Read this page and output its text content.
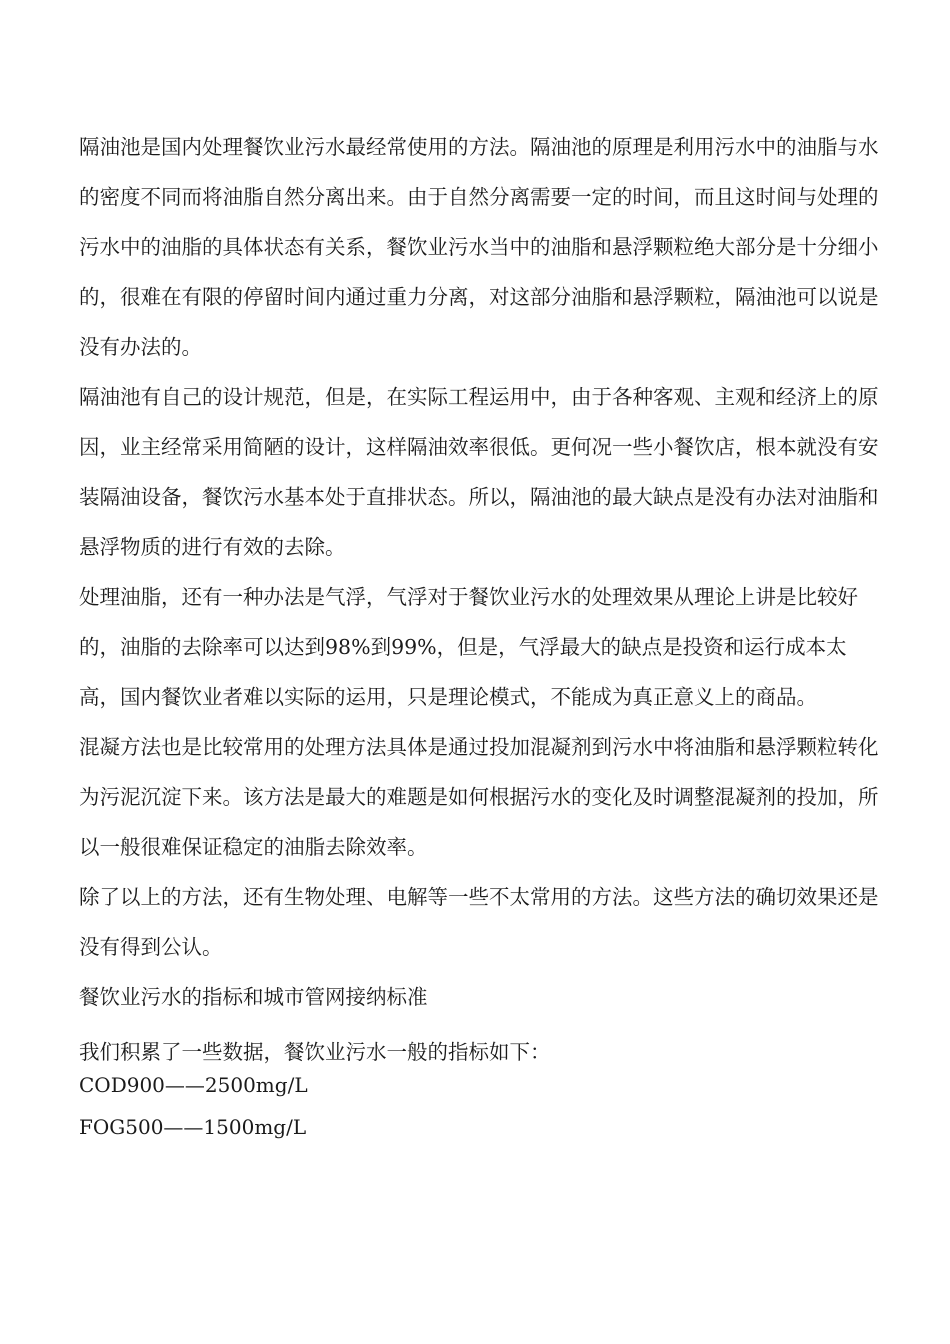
隔油池是国内处理餐饮业污水最经常使用的方法。隔油池的原理是利用污水中的油脂与水的密度不同而将油脂自然分离出来。由于自然分离需要一定的时间，而且这时间与处理的污水中的油脂的具体状态有关系，餐饮业污水当中的油脂和悬浮颗粒绝大部分是十分细小的，很难在有限的停留时间内通过重力分离，对这部分油脂和悬浮颗粒，隔油池可以说是没有办法的。

隔油池有自己的设计规范，但是，在实际工程运用中，由于各种客观、主观和经济上的原因，业主经常采用简陋的设计，这样隔油效率很低。更何况一些小餐饮店，根本就没有安装隔油设备，餐饮污水基本处于直排状态。所以，隔油池的最大缺点是没有办法对油脂和悬浮物质的进行有效的去除。

处理油脂，还有一种办法是气浮，气浮对于餐饮业污水的处理效果从理论上讲是比较好的，油脂的去除率可以达到98%到99%，但是，气浮最大的缺点是投资和运行成本太高，国内餐饮业者难以实际的运用，只是理论模式，不能成为真正意义上的商品。

混凝方法也是比较常用的处理方法具体是通过投加混凝剂到污水中将油脂和悬浮颗粒转化为污泥沉淀下来。该方法是最大的难题是如何根据污水的变化及时调整混凝剂的投加，所以一般很难保证稳定的油脂去除效率。

除了以上的方法，还有生物处理、电解等一些不太常用的方法。这些方法的确切效果还是没有得到公认。

餐饮业污水的指标和城市管网接纳标准

我们积累了一些数据，餐饮业污水一般的指标如下：

COD900——2500mg/L

FOG500——1500mg/L
